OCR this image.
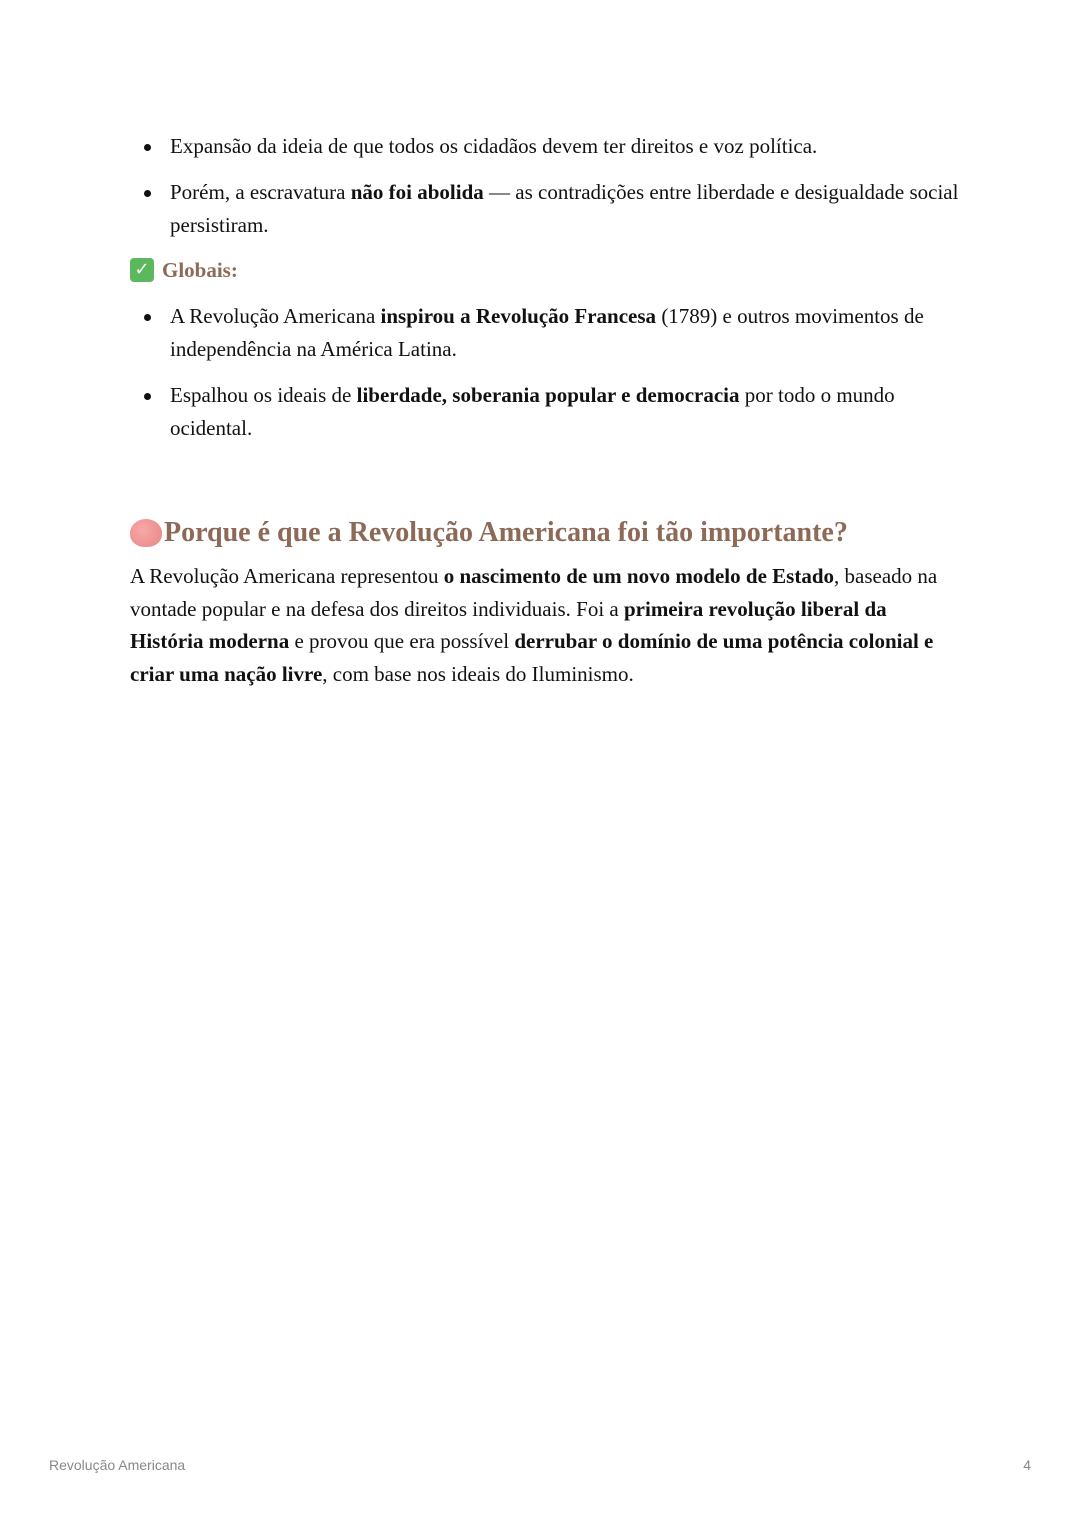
Expansão da ideia de que todos os cidadãos devem ter direitos e voz política.
Porém, a escravatura não foi abolida — as contradições entre liberdade e desigualdade social persistiram.
✓ Globais:
A Revolução Americana inspirou a Revolução Francesa (1789) e outros movimentos de independência na América Latina.
Espalhou os ideais de liberdade, soberania popular e democracia por todo o mundo ocidental.
Porque é que a Revolução Americana foi tão importante?

A Revolução Americana representou o nascimento de um novo modelo de Estado, baseado na vontade popular e na defesa dos direitos individuais. Foi a primeira revolução liberal da História moderna e provou que era possível derrubar o domínio de uma potência colonial e criar uma nação livre, com base nos ideais do Iluminismo.

Revolução Americana	4
